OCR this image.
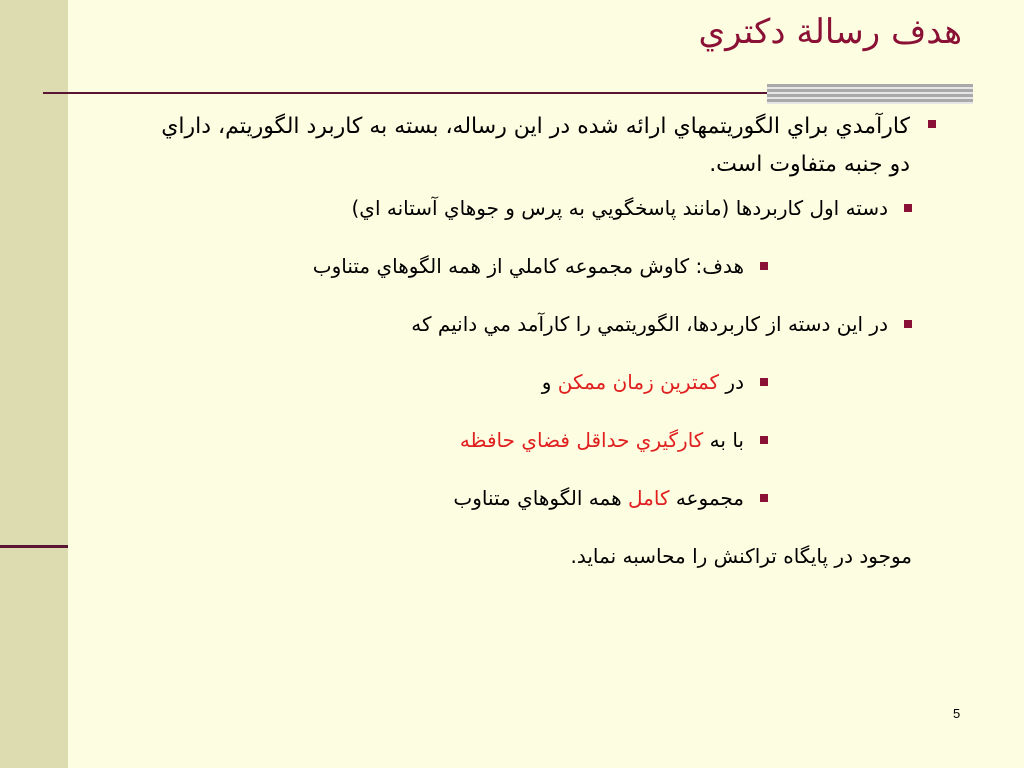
هدف رسالة دكتري
كارآمدي براي الگوريتمهاي ارائه شده در اين رساله، بسته به كاربرد الگوريتم، داراي دو جنبه متفاوت است.
دسته اول كاربردها (مانند پاسخگويي به پرس و جوهاي آستانه اي)
هدف: كاوش مجموعه كاملي از همه الگوهاي متناوب
در اين دسته از كاربردها، الگوريتمي را كارآمد مي دانيم كه
در كمترين زمان ممكن و
با به كارگيري حداقل فضاي حافظه
مجموعه كامل همه الگوهاي متناوب
موجود در پايگاه تراكنش را محاسبه نمايد.
5
